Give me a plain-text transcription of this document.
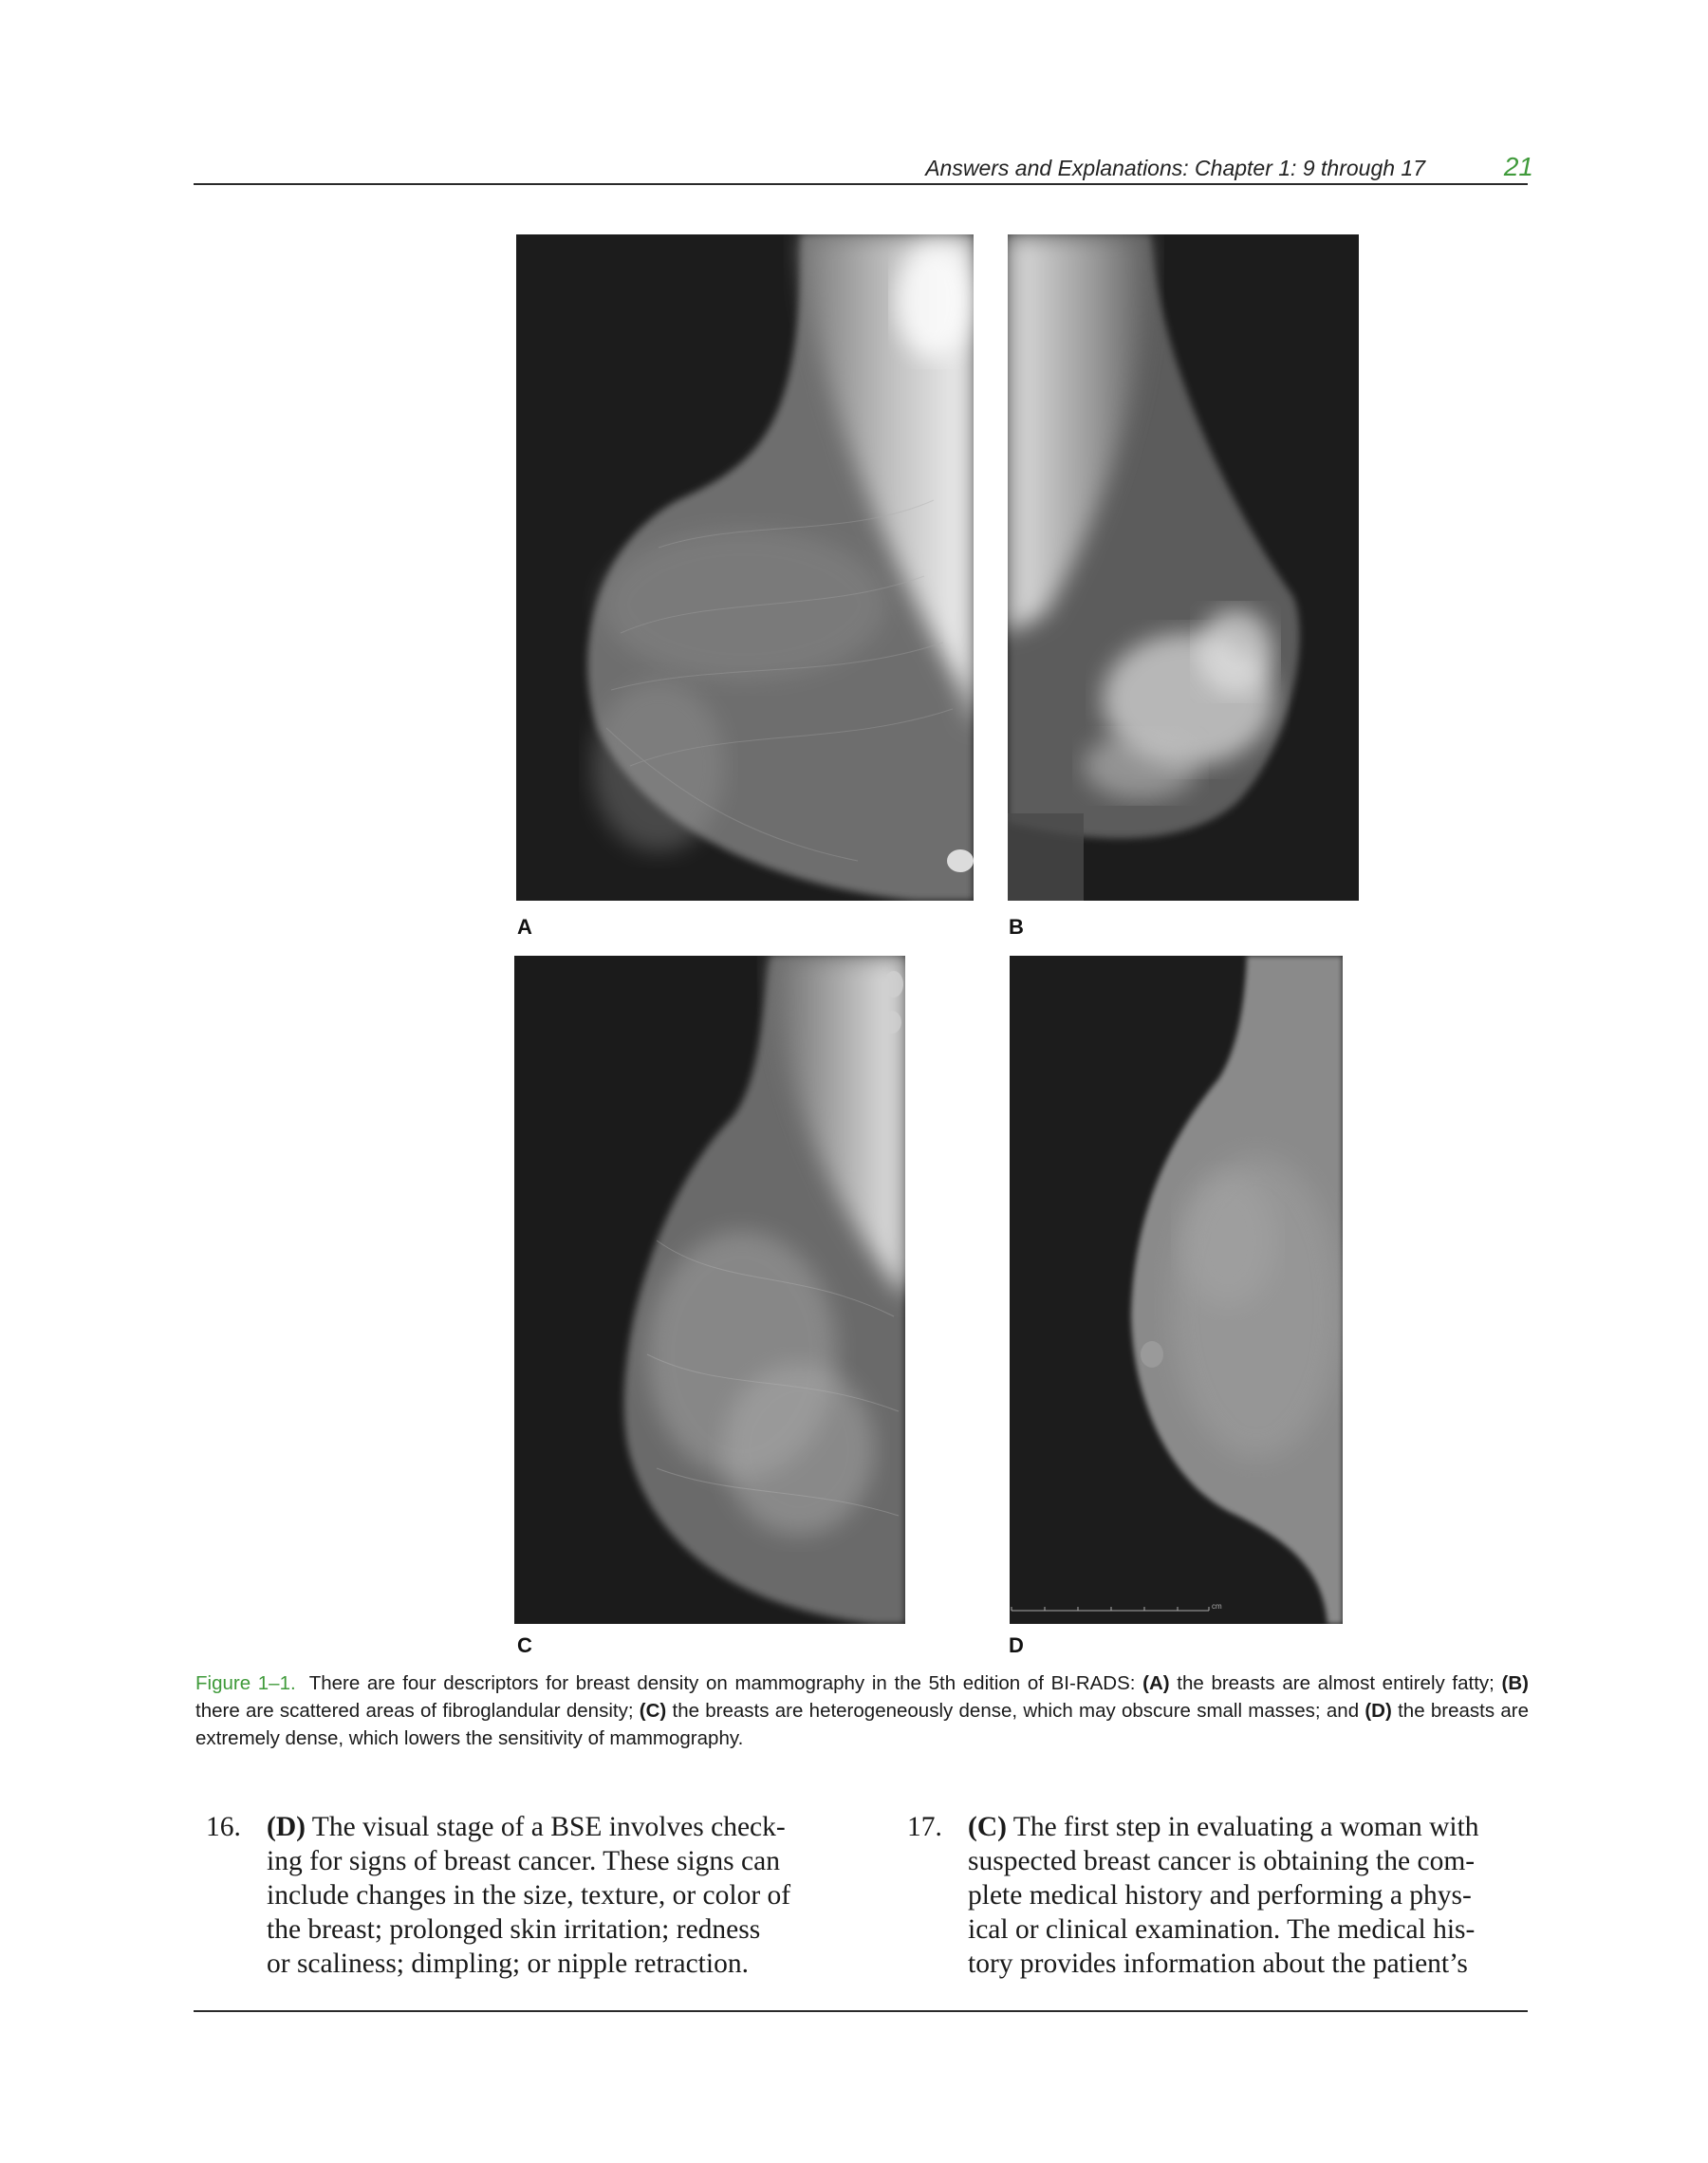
Answers and Explanations: Chapter 1: 9 through 17	21
A	B
cm
C	D
Figure 1–1. There are four descriptors for breast density on mammography in the 5th edition of BI-RADS: (A) the breasts are almost entirely fatty; (B) there are scattered areas of fibroglandular density; (C) the breasts are heterogeneously dense, which may obscure small masses; and (D) the breasts are extremely dense, which lowers the sensitivity of mammography.
16. (D) The visual stage of a BSE involves check-
ing for signs of breast cancer. These signs can
include changes in the size, texture, or color of
the breast; prolonged skin irritation; redness
or scaliness; dimpling; or nipple retraction.
17. (C) The first step in evaluating a woman with
suspected breast cancer is obtaining the com-
plete medical history and performing a phys-
ical or clinical examination. The medical his-
tory provides information about the patient’s
